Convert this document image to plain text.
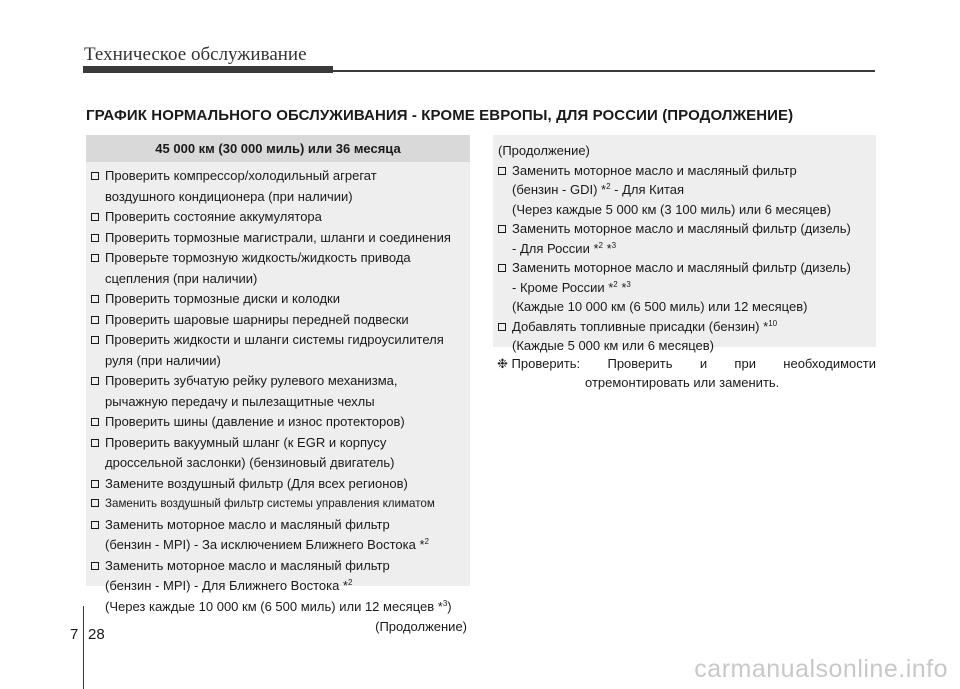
Техническое обслуживание
ГРАФИК НОРМАЛЬНОГО ОБСЛУЖИВАНИЯ - КРОМЕ ЕВРОПЫ, ДЛЯ РОССИИ (ПРОДОЛЖЕНИЕ)
45 000 км (30 000 миль) или 36 месяца
Проверить компрессор/холодильный агрегат
воздушного кондиционера (при наличии)
Проверить состояние аккумулятора
Проверить тормозные магистрали, шланги и соединения
Проверьте тормозную жидкость/жидкость привода
сцепления (при наличии)
Проверить тормозные диски и колодки
Проверить шаровые шарниры передней подвески
Проверить жидкости и шланги системы гидроусилителя
руля (при наличии)
Проверить зубчатую рейку рулевого механизма,
рычажную передачу и пылезащитные чехлы
Проверить шины (давление и износ протекторов)
Проверить вакуумный шланг (к EGR и корпусу
дроссельной заслонки) (бензиновый двигатель)
Замените воздушный фильтр (Для всех регионов)
Заменить воздушный фильтр системы управления климатом
Заменить моторное масло и масляный фильтр
(бензин - MPI) - За исключением Ближнего Востока *$^2$
Заменить моторное масло и масляный фильтр
(бензин - MPI) - Для Ближнего Востока *$^2$
(Через каждые 10 000 км (6 500 миль) или 12 месяцев *$^3$)
(Продолжение)
(Продолжение)
Заменить моторное масло и масляный фильтр
(бензин - GDI) *$^2$ - Для Китая
(Через каждые 5 000 км (3 100 миль) или 6 месяцев)
Заменить моторное масло и масляный фильтр (дизель)
- Для России *$^2$ *$^3$
Заменить моторное масло и масляный фильтр (дизель)
- Кроме России *$^2$ *$^3$
(Каждые 10 000 км (6 500 миль) или 12 месяцев)
Добавлять топливные присадки (бензин) *$^{10}$
(Каждые 5 000 км или 6 месяцев)
❉ Проверить: Проверить и при необходимости
отремонтировать или заменить.
7 28
carmanualsonline.info
